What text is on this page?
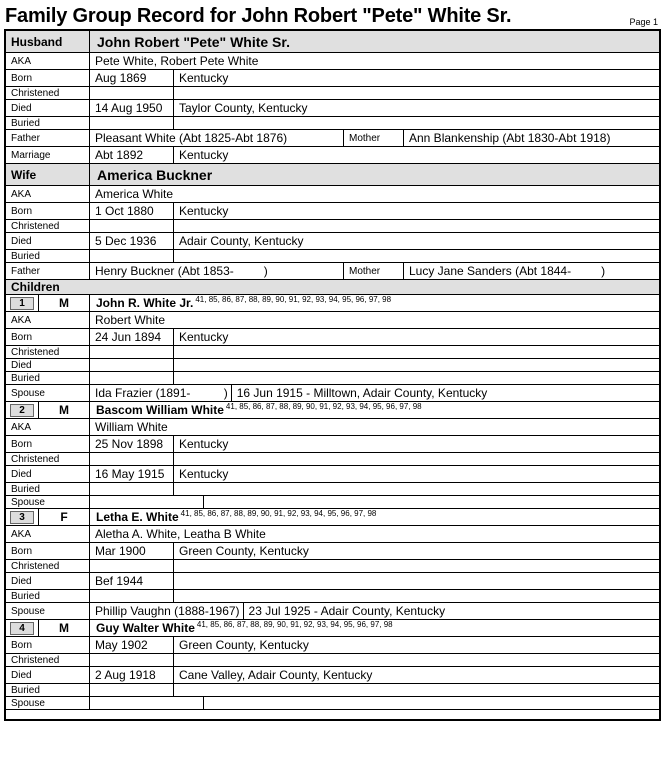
Family Group Record for John Robert "Pete" White Sr.	Page 1
Husband	John Robert "Pete" White Sr.
AKA	Pete White, Robert Pete White
Born	Aug 1869	Kentucky
Christened
Died	14 Aug 1950	Taylor County, Kentucky
Buried
Father	Pleasant White (Abt 1825-Abt 1876)	Mother	Ann Blankenship (Abt 1830-Abt 1918)
Marriage	Abt 1892	Kentucky
Wife	America Buckner
AKA	America White
Born	1 Oct 1880	Kentucky
Christened
Died	5 Dec 1936	Adair County, Kentucky
Buried
Father	Henry Buckner (Abt 1853-         )	Mother	Lucy Jane Sanders (Abt 1844-         )
Children
1	M	John R. White Jr. 41, 85, 86, 87, 88, 89, 90, 91, 92, 93, 94, 95, 96, 97, 98
AKA	Robert White
Born	24 Jun 1894	Kentucky
Christened
Died
Buried
Spouse	Ida Frazier (1891-          ) 16 Jun 1915 - Milltown, Adair County, Kentucky
2	M	Bascom William White 41, 85, 86, 87, 88, 89, 90, 91, 92, 93, 94, 95, 96, 97, 98
AKA	William White
Born	25 Nov 1898	Kentucky
Christened
Died	16 May 1915	Kentucky
Buried
Spouse
3	F	Letha E. White 41, 85, 86, 87, 88, 89, 90, 91, 92, 93, 94, 95, 96, 97, 98
AKA	Aletha A. White, Leatha B White
Born	Mar 1900	Green County, Kentucky
Christened
Died	Bef 1944
Buried
Spouse	Phillip Vaughn (1888-1967) 23 Jul 1925 - Adair County, Kentucky
4	M	Guy Walter White 41, 85, 86, 87, 88, 89, 90, 91, 92, 93, 94, 95, 96, 97, 98
Born	May 1902	Green County, Kentucky
Christened
Died	2 Aug 1918	Cane Valley, Adair County, Kentucky
Buried
Spouse
